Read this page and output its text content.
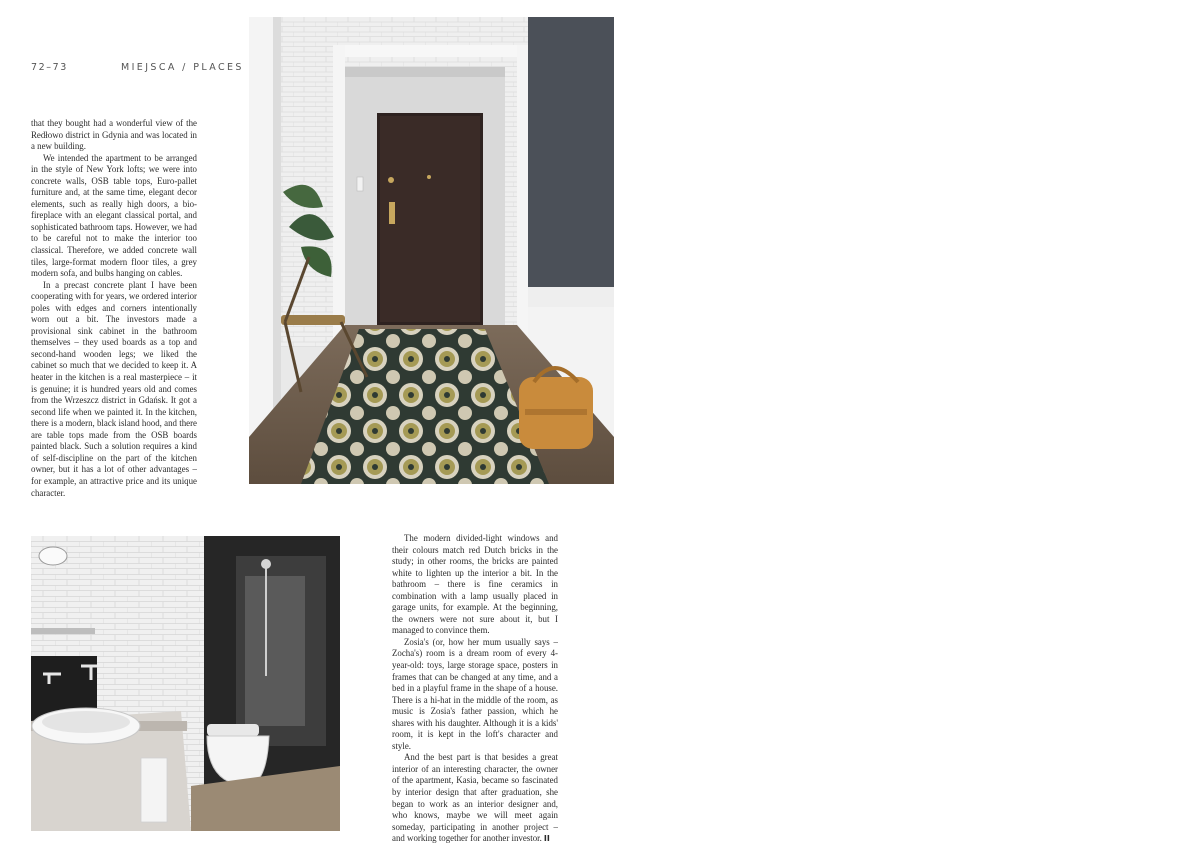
72–73	MIEJSCA / PLACES

that they bought had a wonderful view of the Redłowo district in Gdynia and was located in a new building.

We intended the apartment to be arranged in the style of New York lofts; we were into concrete walls, OSB table tops, Euro-pallet furniture and, at the same time, elegant decor elements, such as really high doors, a bio-fireplace with an elegant classical portal, and sophisticated bathroom taps. However, we had to be careful not to make the interior too classical. Therefore, we added concrete wall tiles, large-format modern floor tiles, a grey modern sofa, and bulbs hanging on cables.

In a precast concrete plant I have been cooperating with for years, we ordered interior poles with edges and corners intentionally worn out a bit. The investors made a provisional sink cabinet in the bathroom themselves – they used boards as a top and second-hand wooden legs; we liked the cabinet so much that we decided to keep it. A heater in the kitchen is a real masterpiece – it is genuine; it is hundred years old and comes from the Wrzeszcz district in Gdańsk. It got a second life when we painted it. In the kitchen, there is a modern, black island hood, and there are table tops made from the OSB boards painted black. Such a solution requires a kind of self-discipline on the part of the kitchen owner, but it has a lot of other advantages – for example, an attractive price and its unique character.

The modern divided-light windows and their colours match red Dutch bricks in the study; in other rooms, the bricks are painted white to lighten up the interior a bit. In the bathroom – there is fine ceramics in combination with a lamp usually placed in garage units, for example. At the beginning, the owners were not sure about it, but I managed to convince them.

Zosia's (or, how her mum usually says – Zocha's) room is a dream room of every 4-year-old: toys, large storage space, posters in frames that can be changed at any time, and a bed in a playful frame in the shape of a house. There is a hi-hat in the middle of the room, as music is Zosia's father passion, which he shares with his daughter. Although it is a kids' room, it is kept in the loft's character and style.

And the best part is that besides a great interior of an interesting character, the owner of the apartment, Kasia, became so fascinated by interior design that after graduation, she began to work as an interior designer and, who knows, maybe we will meet again someday, participating in another project – and working together for another investor. II
